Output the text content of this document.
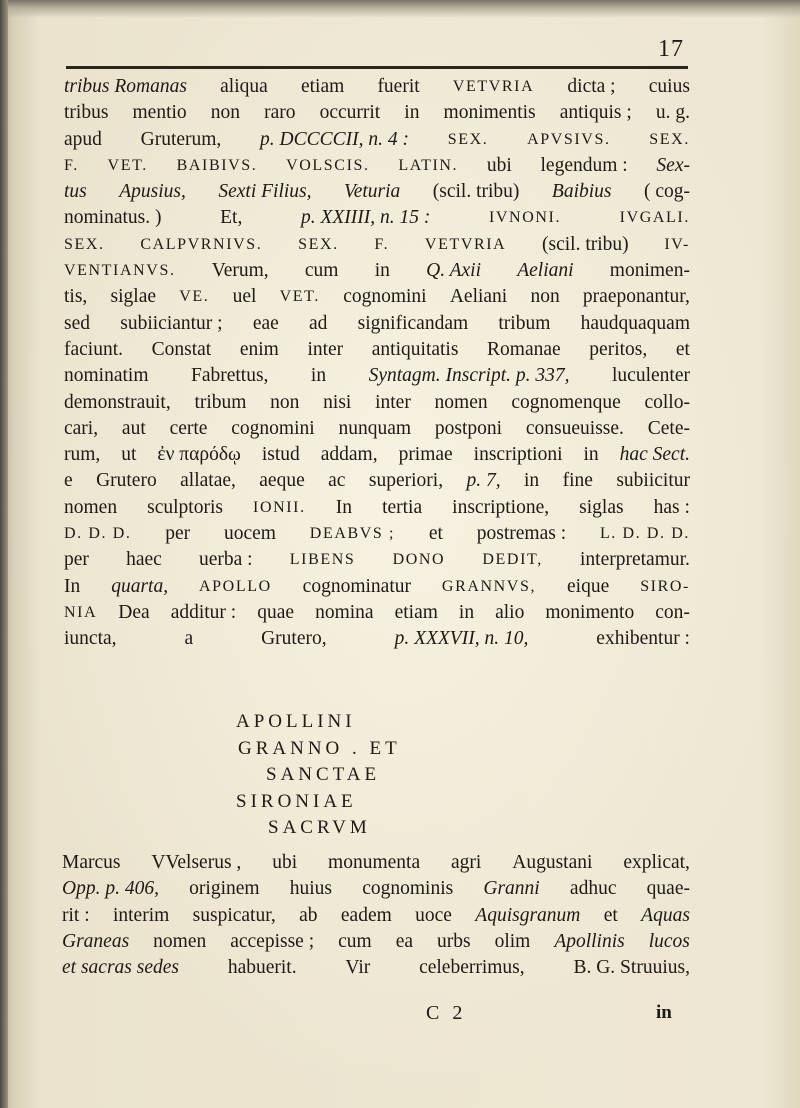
17
tribus Romanas aliqua etiam fuerit VETVRIA dicta ; cuius
tribus mentio non raro occurrit in monimentis antiquis ; u. g.
apud Gruterum, p. DCCCCII, n. 4 : SEX. APVSIVS. SEX.
F. VET. BAIBIVS. VOLSCIS. LATIN. ubi legendum : Sex-
tus Apusius, Sexti Filius, Veturia (scil. tribu) Baibius ( cog-
nominatus. )	Et,	p. XXIIII, n. 15 :	IVNONI.	IVGALI.
SEX. CALPVRNIVS. SEX. F. VETVRIA (scil. tribu) IV-
VENTIANVS. Verum, cum in Q. Axii Aeliani monimen-
tis, siglae VE. uel VET. cognomini Aeliani non praeponantur,
sed subiiciantur ; eae ad significandam tribum haudquaquam
faciunt. Constat enim inter antiquitatis Romanae peritos, et
nominatim Fabrettus, in Syntagm. Inscript. p. 337, luculenter
demonstrauit, tribum non nisi inter nomen cognomenque collo-
cari, aut certe cognomini nunquam postponi consueuisse. Cete-
rum, ut ἐν παρόδῳ istud addam, primae inscriptioni in hac Sect.
e Grutero allatae, aeque ac superiori, p. 7, in fine subiicitur
nomen sculptoris IONII. In tertia inscriptione, siglas has :
D. D. D. per uocem DEABVS ; et postremas : L. D. D. D.
per haec uerba : LIBENS DONO DEDIT, interpretamur.
In quarta, APOLLO cognominatur GRANNVS, eique SIRO-
NIA Dea additur : quae nomina etiam in alio monimento con-
iuncta,	a	Grutero,	p. XXXVII, n. 10,	exhibentur :
APOLLINI
GRANNO . ET
SANCTAE
SIRONIAE
SACRVM
Marcus VVelserus , ubi monumenta agri Augustani explicat,
Opp. p. 406, originem huius cognominis Granni adhuc quae-
rit : interim suspicatur, ab eadem uoce Aquisgranum et Aquas
Graneas nomen accepisse ; cum ea urbs olim Apollinis lucos
et sacras sedes	habuerit.	Vir	celeberrimus,	B. G. Struuius,
C 2	in
